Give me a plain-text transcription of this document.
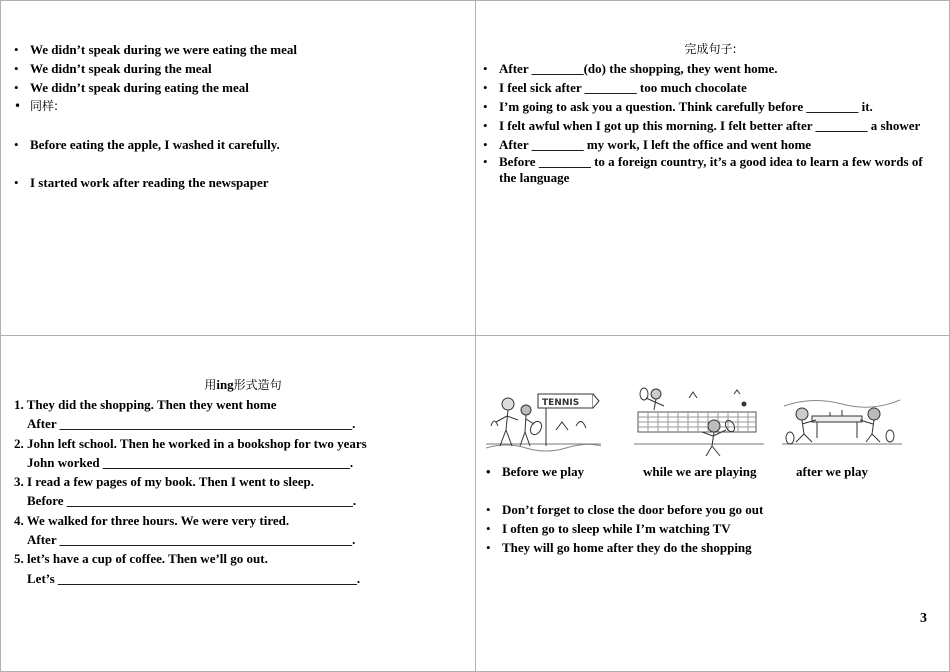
• We didn’t speak during we were eating the meal
• We didn’t speak during the meal
• We didn’t speak during eating the meal
• 同样:
• Before eating the apple, I washed it carefully.
• I started work after reading the newspaper
完成句子:
• After ________(do) the shopping, they went home.
• I feel sick after ________ too much chocolate
• I’m going to ask you a question. Think carefully before ________ it.
• I felt awful when I got up this morning. I felt better after ________ a shower
• After ________ my work, I left the office and went home
• Before ________ to a foreign country, it’s a good idea to learn a few words of the language
用ing形式造句
1. They did the shopping. Then they went home
After _____________________________________________.
2. John left school. Then he worked in a bookshop for two years
John worked ______________________________________.
3. I read a few pages of my book. Then I went to sleep.
Before ____________________________________________.
4. We walked for three hours. We were very tired.
After _____________________________________________.
5. let’s have a cup of coffee. Then we’ll go out.
Let’s ______________________________________________.
TENNIS
• Before we play	while we are playing	after we play
• Don’t forget to close the door before you go out
• I often go to sleep while I’m watching TV
• They will go home after they do the shopping
3
